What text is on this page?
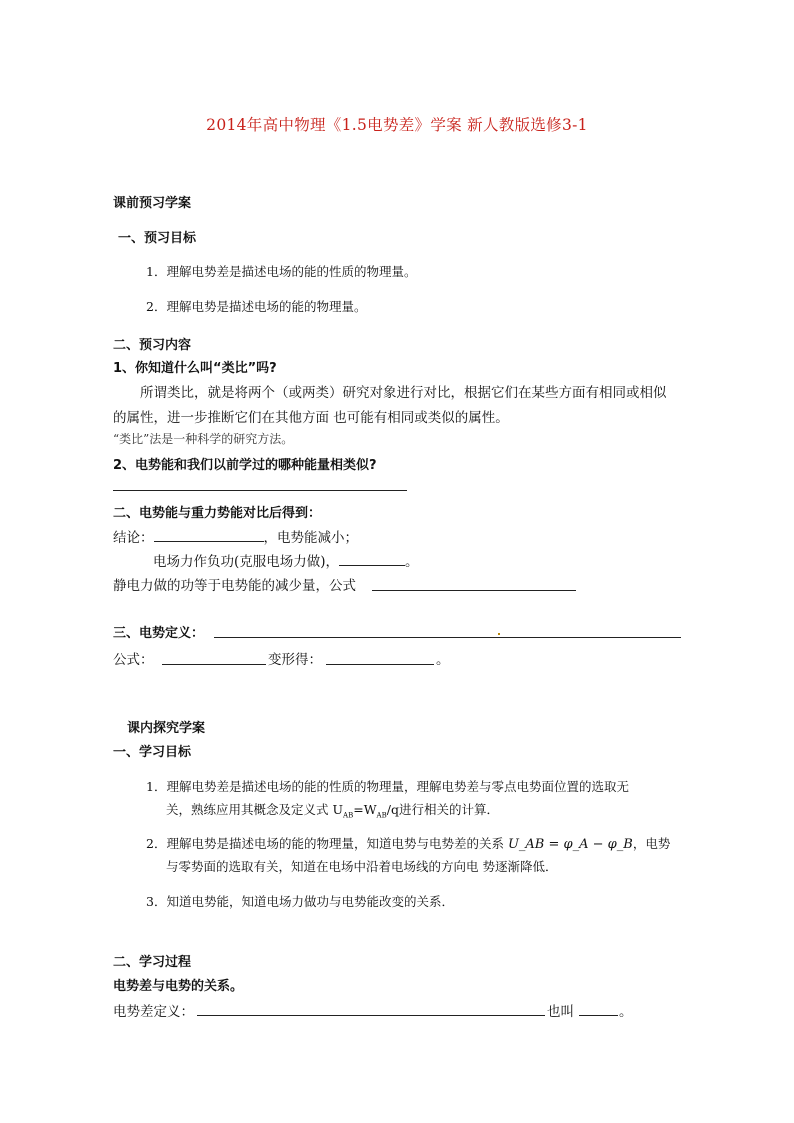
2014年高中物理《1.5电势差》学案 新人教版选修3-1
课前预习学案
一、预习目标
1．理解电势差是描述电场的能的性质的物理量。
2．理解电势是描述电场的能的物理量。
二、预习内容
1、你知道什么叫“类比”吗?
所谓类比，就是将两个（或两类）研究对象进行对比，根据它们在某些方面有相同或相似
的属性，进一步推断它们在其他方面 也可能有相同或类似的属性。
“类比”法是一种科学的研究方法。
2、电势能和我们以前学过的哪种能量相类似?
二、电势能与重力势能对比后得到：
结论：	，电势能减小；
电场力作负功(克服电场力做)，	。
静电力做的功等于电势能的减少量，公式
三、电势定义：
公式：	变形得：	。
课内探究学案
一、学习目标
1．理解电势差是描述电场的能的性质的物理量，理解电势差与零点电势面位置的选取无
关，熟练应用其概念及定义式 $U_{AB}=W_{AB}/q$进行相关的计算．
2．理解电势是描述电场的能的物理量，知道电势与电势差的关系 U_AB = φ_A − φ_B，电势
与零势面的选取有关，知道在电场中沿着电场线的方向电 势逐渐降低．
3．知道电势能，知道电场力做功与电势能改变的关系．
二、学习过程
电势差与电势的关系。
电势差定义：	也叫	。
